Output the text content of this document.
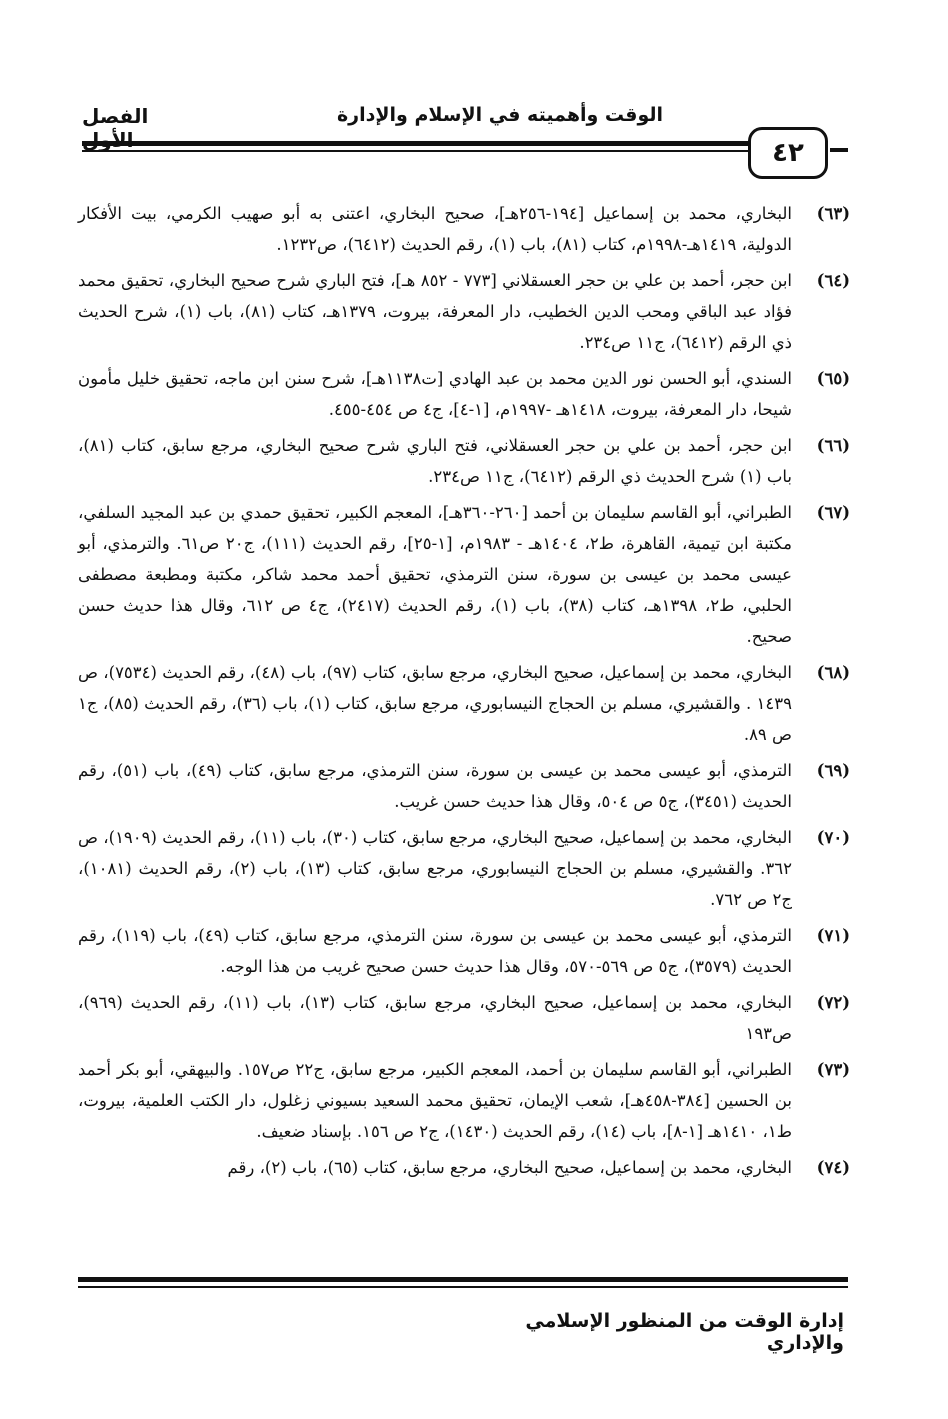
٤٢
الوقت وأهميته في الإسلام والإدارة
الفصل الأول
(٦٣)
البخاري، محمد بن إسماعيل [١٩٤-٢٥٦هـ]، صحيح البخاري، اعتنى به أبو صهيب الكرمي، بيت الأفكار الدولية، ١٤١٩هـ-١٩٩٨م، كتاب (٨١)، باب (١)، رقم الحديث (٦٤١٢)، ص١٢٣٢.
(٦٤)
ابن حجر، أحمد بن علي بن حجر العسقلاني [٧٧٣ - ٨٥٢ هـ]، فتح الباري شرح صحيح البخاري، تحقيق محمد فؤاد عبد الباقي ومحب الدين الخطيب، دار المعرفة، بيروت، ١٣٧٩هـ، كتاب (٨١)، باب (١)، شرح الحديث ذي الرقم (٦٤١٢)، ج١١ ص٢٣٤.
(٦٥)
السندي، أبو الحسن نور الدين محمد بن عبد الهادي [ت١١٣٨هـ]، شرح سنن ابن ماجه، تحقيق خليل مأمون شيحا، دار المعرفة، بيروت، ١٤١٨هـ -١٩٩٧م، [١-٤]، ج٤ ص ٤٥٤-٤٥٥.
(٦٦)
ابن حجر، أحمد بن علي بن حجر العسقلاني، فتح الباري شرح صحيح البخاري، مرجع سابق، كتاب (٨١)، باب (١) شرح الحديث ذي الرقم (٦٤١٢)، ج١١ ص٢٣٤.
(٦٧)
الطبراني، أبو القاسم سليمان بن أحمد [٢٦٠-٣٦٠هـ]، المعجم الكبير، تحقيق حمدي بن عبد المجيد السلفي، مكتبة ابن تيمية، القاهرة، ط٢، ١٤٠٤هـ - ١٩٨٣م، [١-٢٥]، رقم الحديث (١١١)، ج٢٠ ص٦١. والترمذي، أبو عيسى محمد بن عيسى بن سورة، سنن الترمذي، تحقيق أحمد محمد شاكر، مكتبة ومطبعة مصطفى الحلبي، ط٢، ١٣٩٨هـ، كتاب (٣٨)، باب (١)، رقم الحديث (٢٤١٧)، ج٤ ص ٦١٢، وقال هذا حديث حسن صحيح.
(٦٨)
البخاري، محمد بن إسماعيل، صحيح البخاري، مرجع سابق، كتاب (٩٧)، باب (٤٨)، رقم الحديث (٧٥٣٤)، ص ١٤٣٩ . والقشيري، مسلم بن الحجاج النيسابوري، مرجع سابق، كتاب (١)، باب (٣٦)، رقم الحديث (٨٥)، ج١ ص ٨٩.
(٦٩)
الترمذي، أبو عيسى محمد بن عيسى بن سورة، سنن الترمذي، مرجع سابق، كتاب (٤٩)، باب (٥١)، رقم الحديث (٣٤٥١)، ج٥ ص ٥٠٤، وقال هذا حديث حسن غريب.
(٧٠)
البخاري، محمد بن إسماعيل، صحيح البخاري، مرجع سابق، كتاب (٣٠)، باب (١١)، رقم الحديث (١٩٠٩)، ص ٣٦٢. والقشيري، مسلم بن الحجاج النيسابوري، مرجع سابق، كتاب (١٣)، باب (٢)، رقم الحديث (١٠٨١)، ج٢ ص ٧٦٢.
(٧١)
الترمذي، أبو عيسى محمد بن عيسى بن سورة، سنن الترمذي، مرجع سابق، كتاب (٤٩)، باب (١١٩)، رقم الحديث (٣٥٧٩)، ج٥ ص ٥٦٩-٥٧٠، وقال هذا حديث حسن صحيح غريب من هذا الوجه.
(٧٢)
البخاري، محمد بن إسماعيل، صحيح البخاري، مرجع سابق، كتاب (١٣)، باب (١١)، رقم الحديث (٩٦٩)، ص١٩٣
(٧٣)
الطبراني، أبو القاسم سليمان بن أحمد، المعجم الكبير، مرجع سابق، ج٢٢ ص١٥٧. والبيهقي، أبو بكر أحمد بن الحسين [٣٨٤-٤٥٨هـ]، شعب الإيمان، تحقيق محمد السعيد بسيوني زغلول، دار الكتب العلمية، بيروت، ط١، ١٤١٠هـ [١-٨]، باب (١٤)، رقم الحديث (١٤٣٠)، ج٢ ص ١٥٦. بإسناد ضعيف.
(٧٤)
البخاري، محمد بن إسماعيل، صحيح البخاري، مرجع سابق، كتاب (٦٥)، باب (٢)، رقم
إدارة الوقت من المنظور الإسلامي والإداري
